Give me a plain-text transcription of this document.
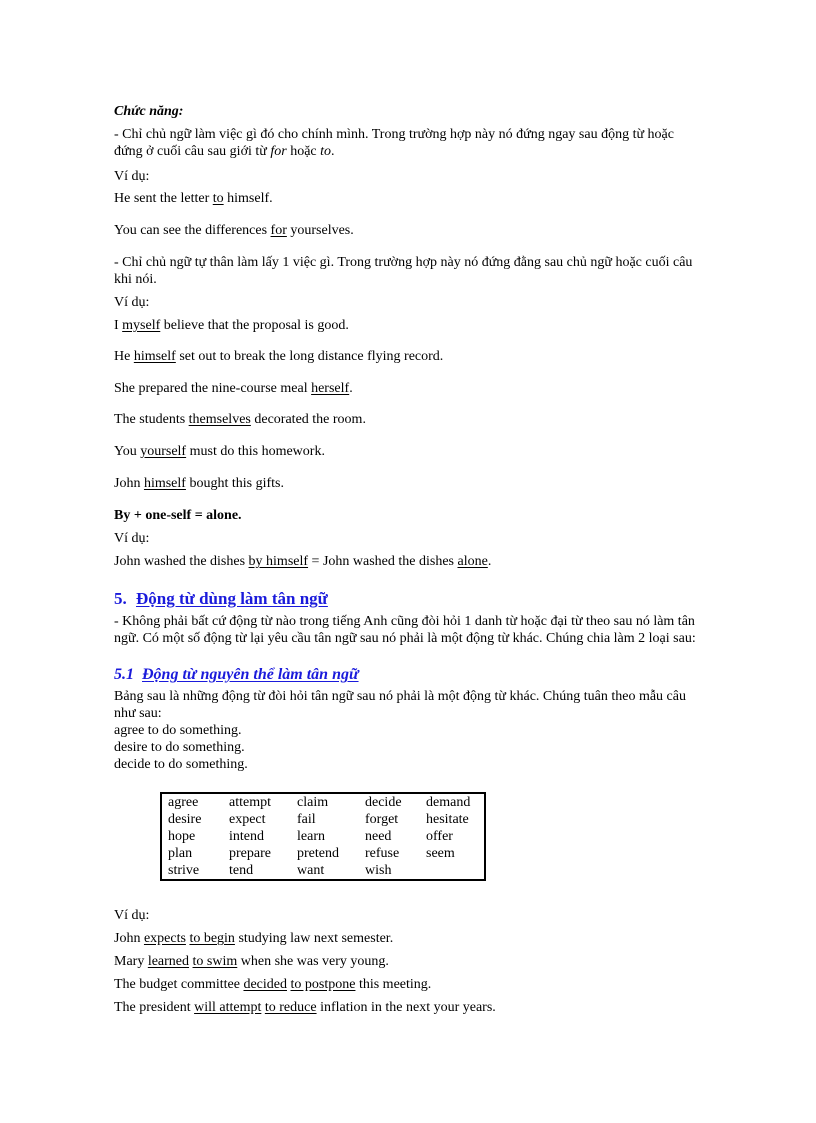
Chức năng:
- Chỉ chủ ngữ làm việc gì đó cho chính mình. Trong trường hợp này nó đứng ngay sau động từ hoặc
đứng ở cuối câu sau giới từ for hoặc to.
Ví dụ:
He sent the letter to himself.
You can see the differences for yourselves.
- Chỉ chủ ngữ tự thân làm lấy 1 việc gì. Trong trường hợp này nó đứng đằng sau chủ ngữ hoặc cuối câu
khi nói.
Ví dụ:
I myself believe that the proposal is good.
He himself set out to break the long distance flying record.
She prepared the nine-course meal herself.
The students themselves decorated the room.
You yourself must do this homework.
John himself bought this gifts.
By + one-self = alone.
Ví dụ:
John washed the dishes by himself = John washed the dishes alone.
5. Động từ dùng làm tân ngữ
- Không phải bất cứ động từ nào trong tiếng Anh cũng đòi hỏi 1 danh từ hoặc đại từ theo sau nó làm tân
ngữ. Có một số động từ lại yêu cầu tân ngữ sau nó phải là một động từ khác. Chúng chia làm 2 loại sau:
5.1 Động từ nguyên thể làm tân ngữ
Bảng sau là những động từ đòi hỏi tân ngữ sau nó phải là một động từ khác. Chúng tuân theo mẫu câu
như sau:
agree to do something.
desire to do something.
decide to do something.
agree	attempt	claim	decide	demand
desire	expect	fail	forget	hesitate
hope	intend	learn	need	offer
plan	prepare	pretend	refuse	seem
strive	tend	want	wish	
Ví dụ:
John expects to begin studying law next semester.
Mary learned to swim when she was very young.
The budget committee decided to postpone this meeting.
The president will attempt to reduce inflation in the next your years.
